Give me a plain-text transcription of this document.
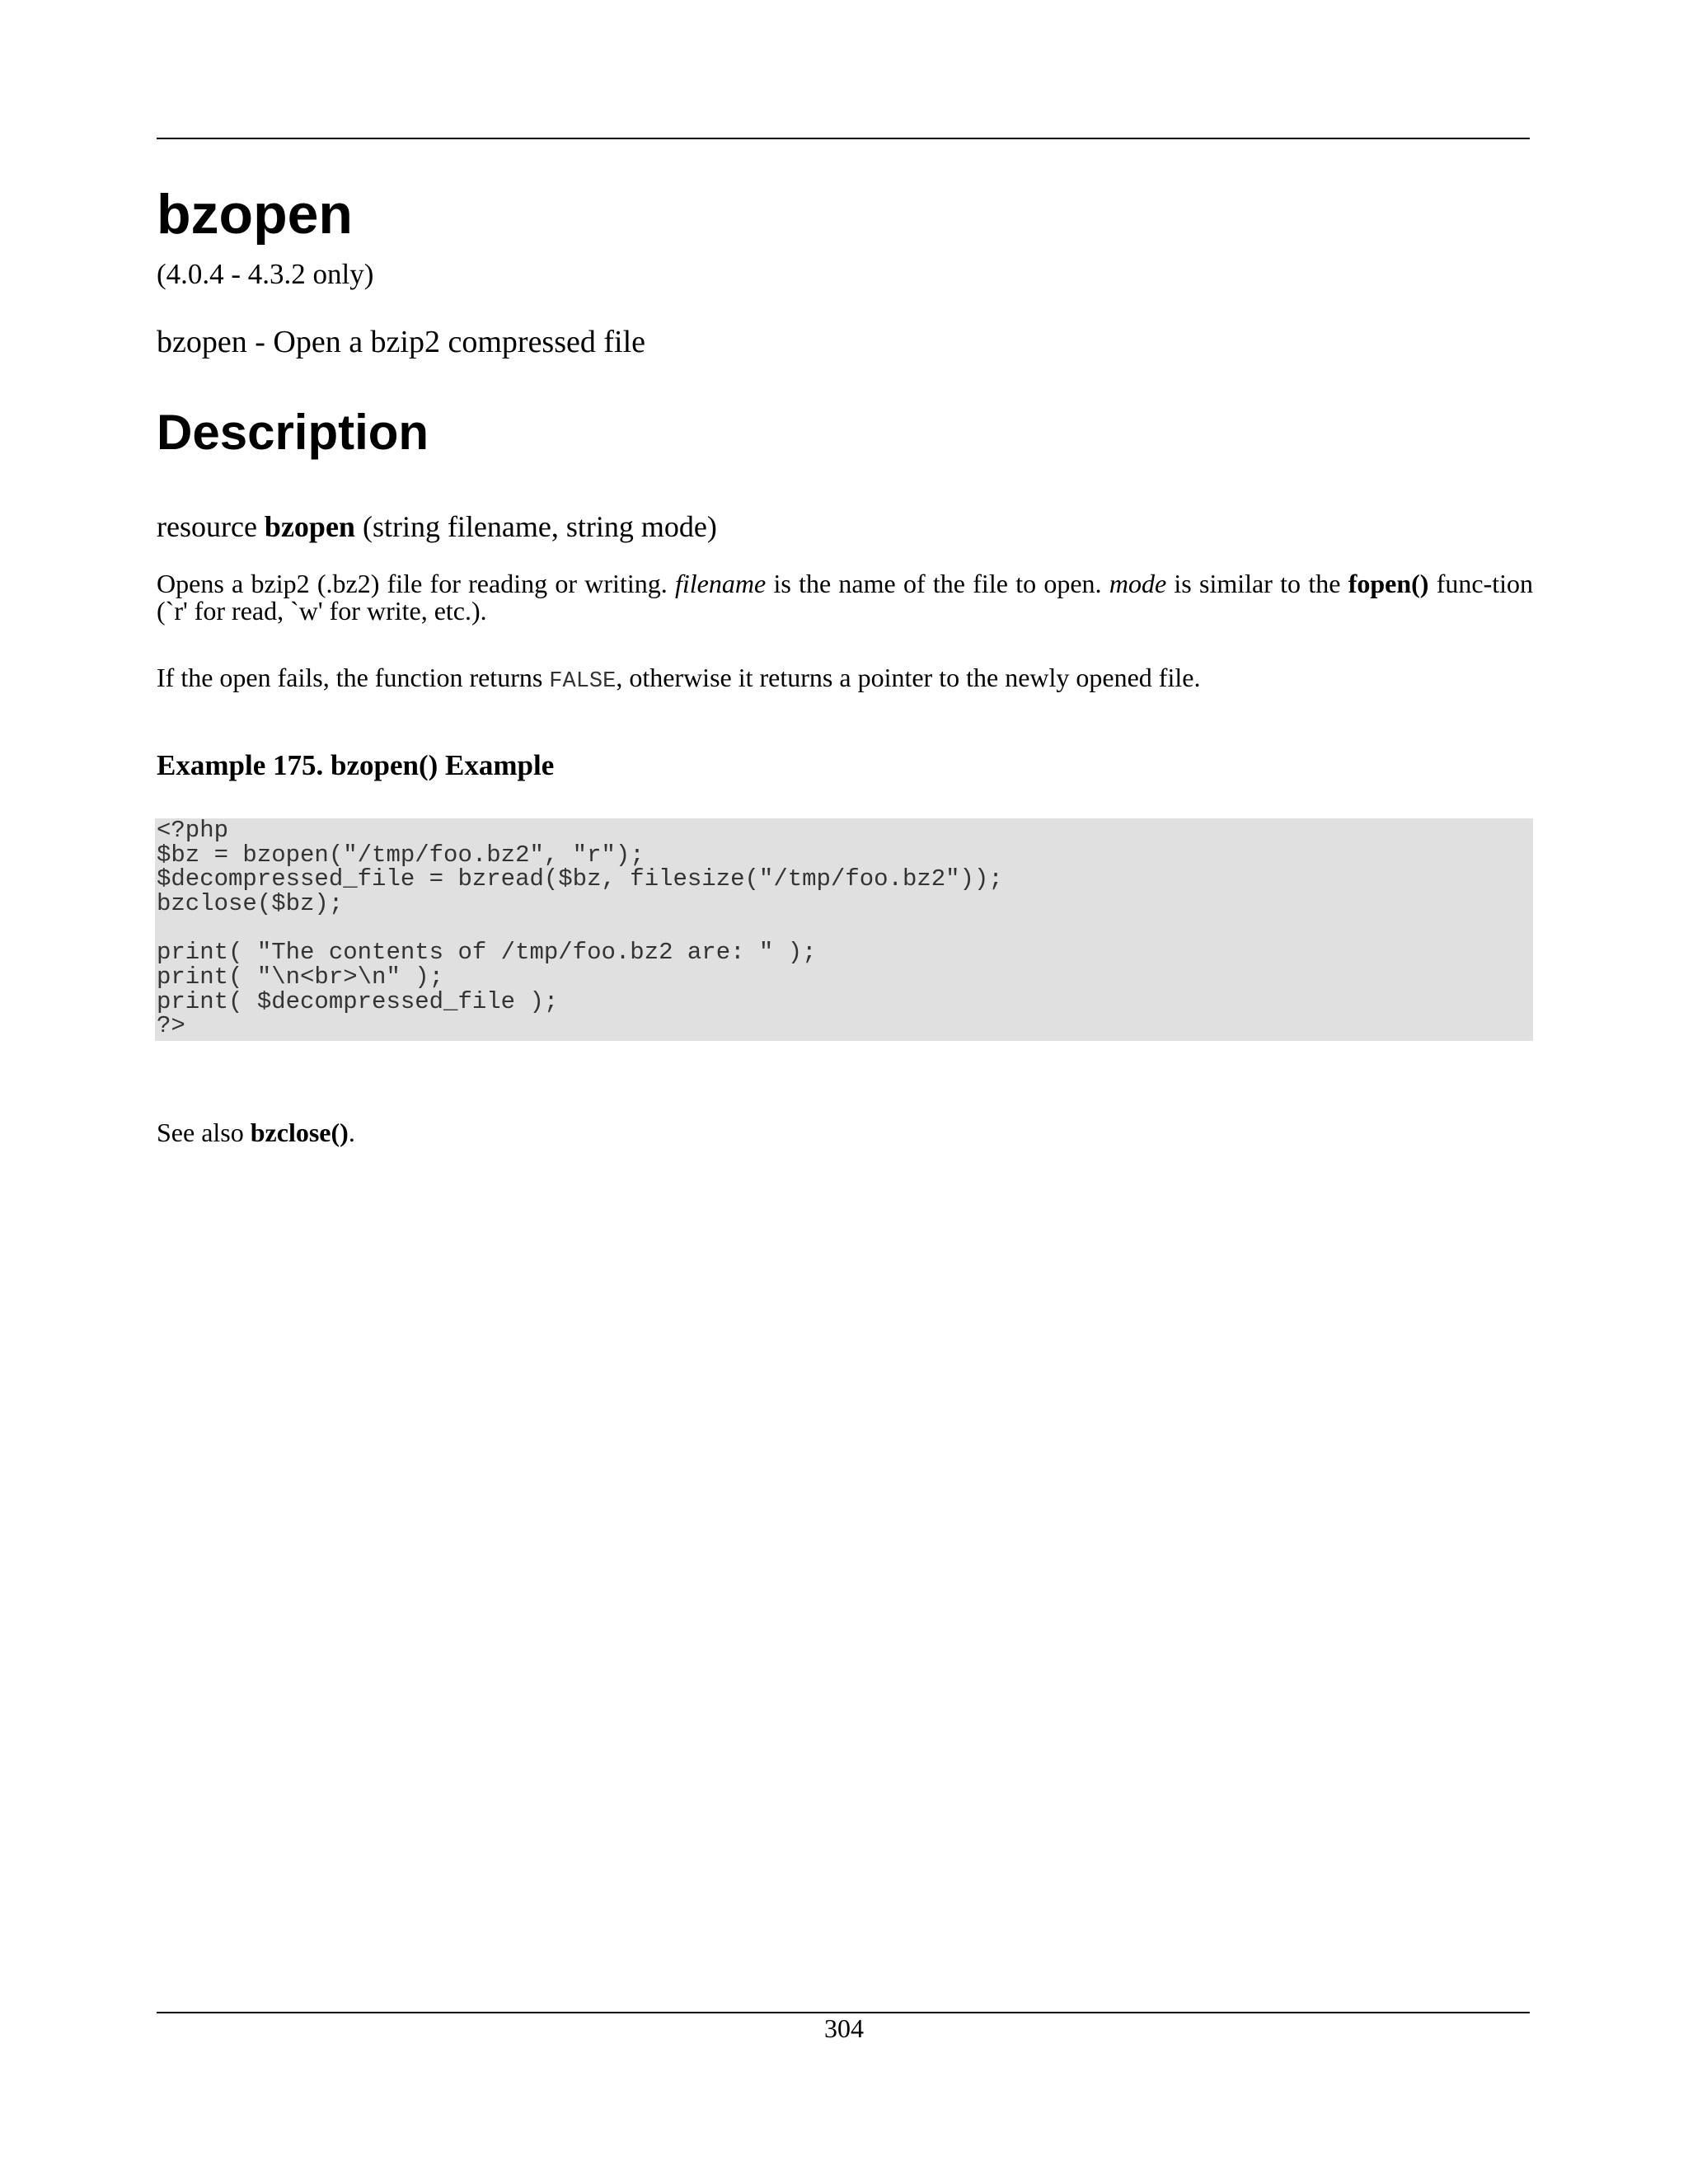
bzopen
(4.0.4 - 4.3.2 only)
bzopen - Open a bzip2 compressed file
Description
resource bzopen (string filename, string mode)
Opens a bzip2 (.bz2) file for reading or writing. filename is the name of the file to open. mode is similar to the fopen() func-tion (`r' for read, `w' for write, etc.).
If the open fails, the function returns FALSE, otherwise it returns a pointer to the newly opened file.
Example 175. bzopen() Example
<?php
$bz = bzopen("/tmp/foo.bz2", "r");
$decompressed_file = bzread($bz, filesize("/tmp/foo.bz2"));
bzclose($bz);
print( "The contents of /tmp/foo.bz2 are: " );
print( "\n<br>\n" );
print( $decompressed_file );
?>
See also bzclose().
304
